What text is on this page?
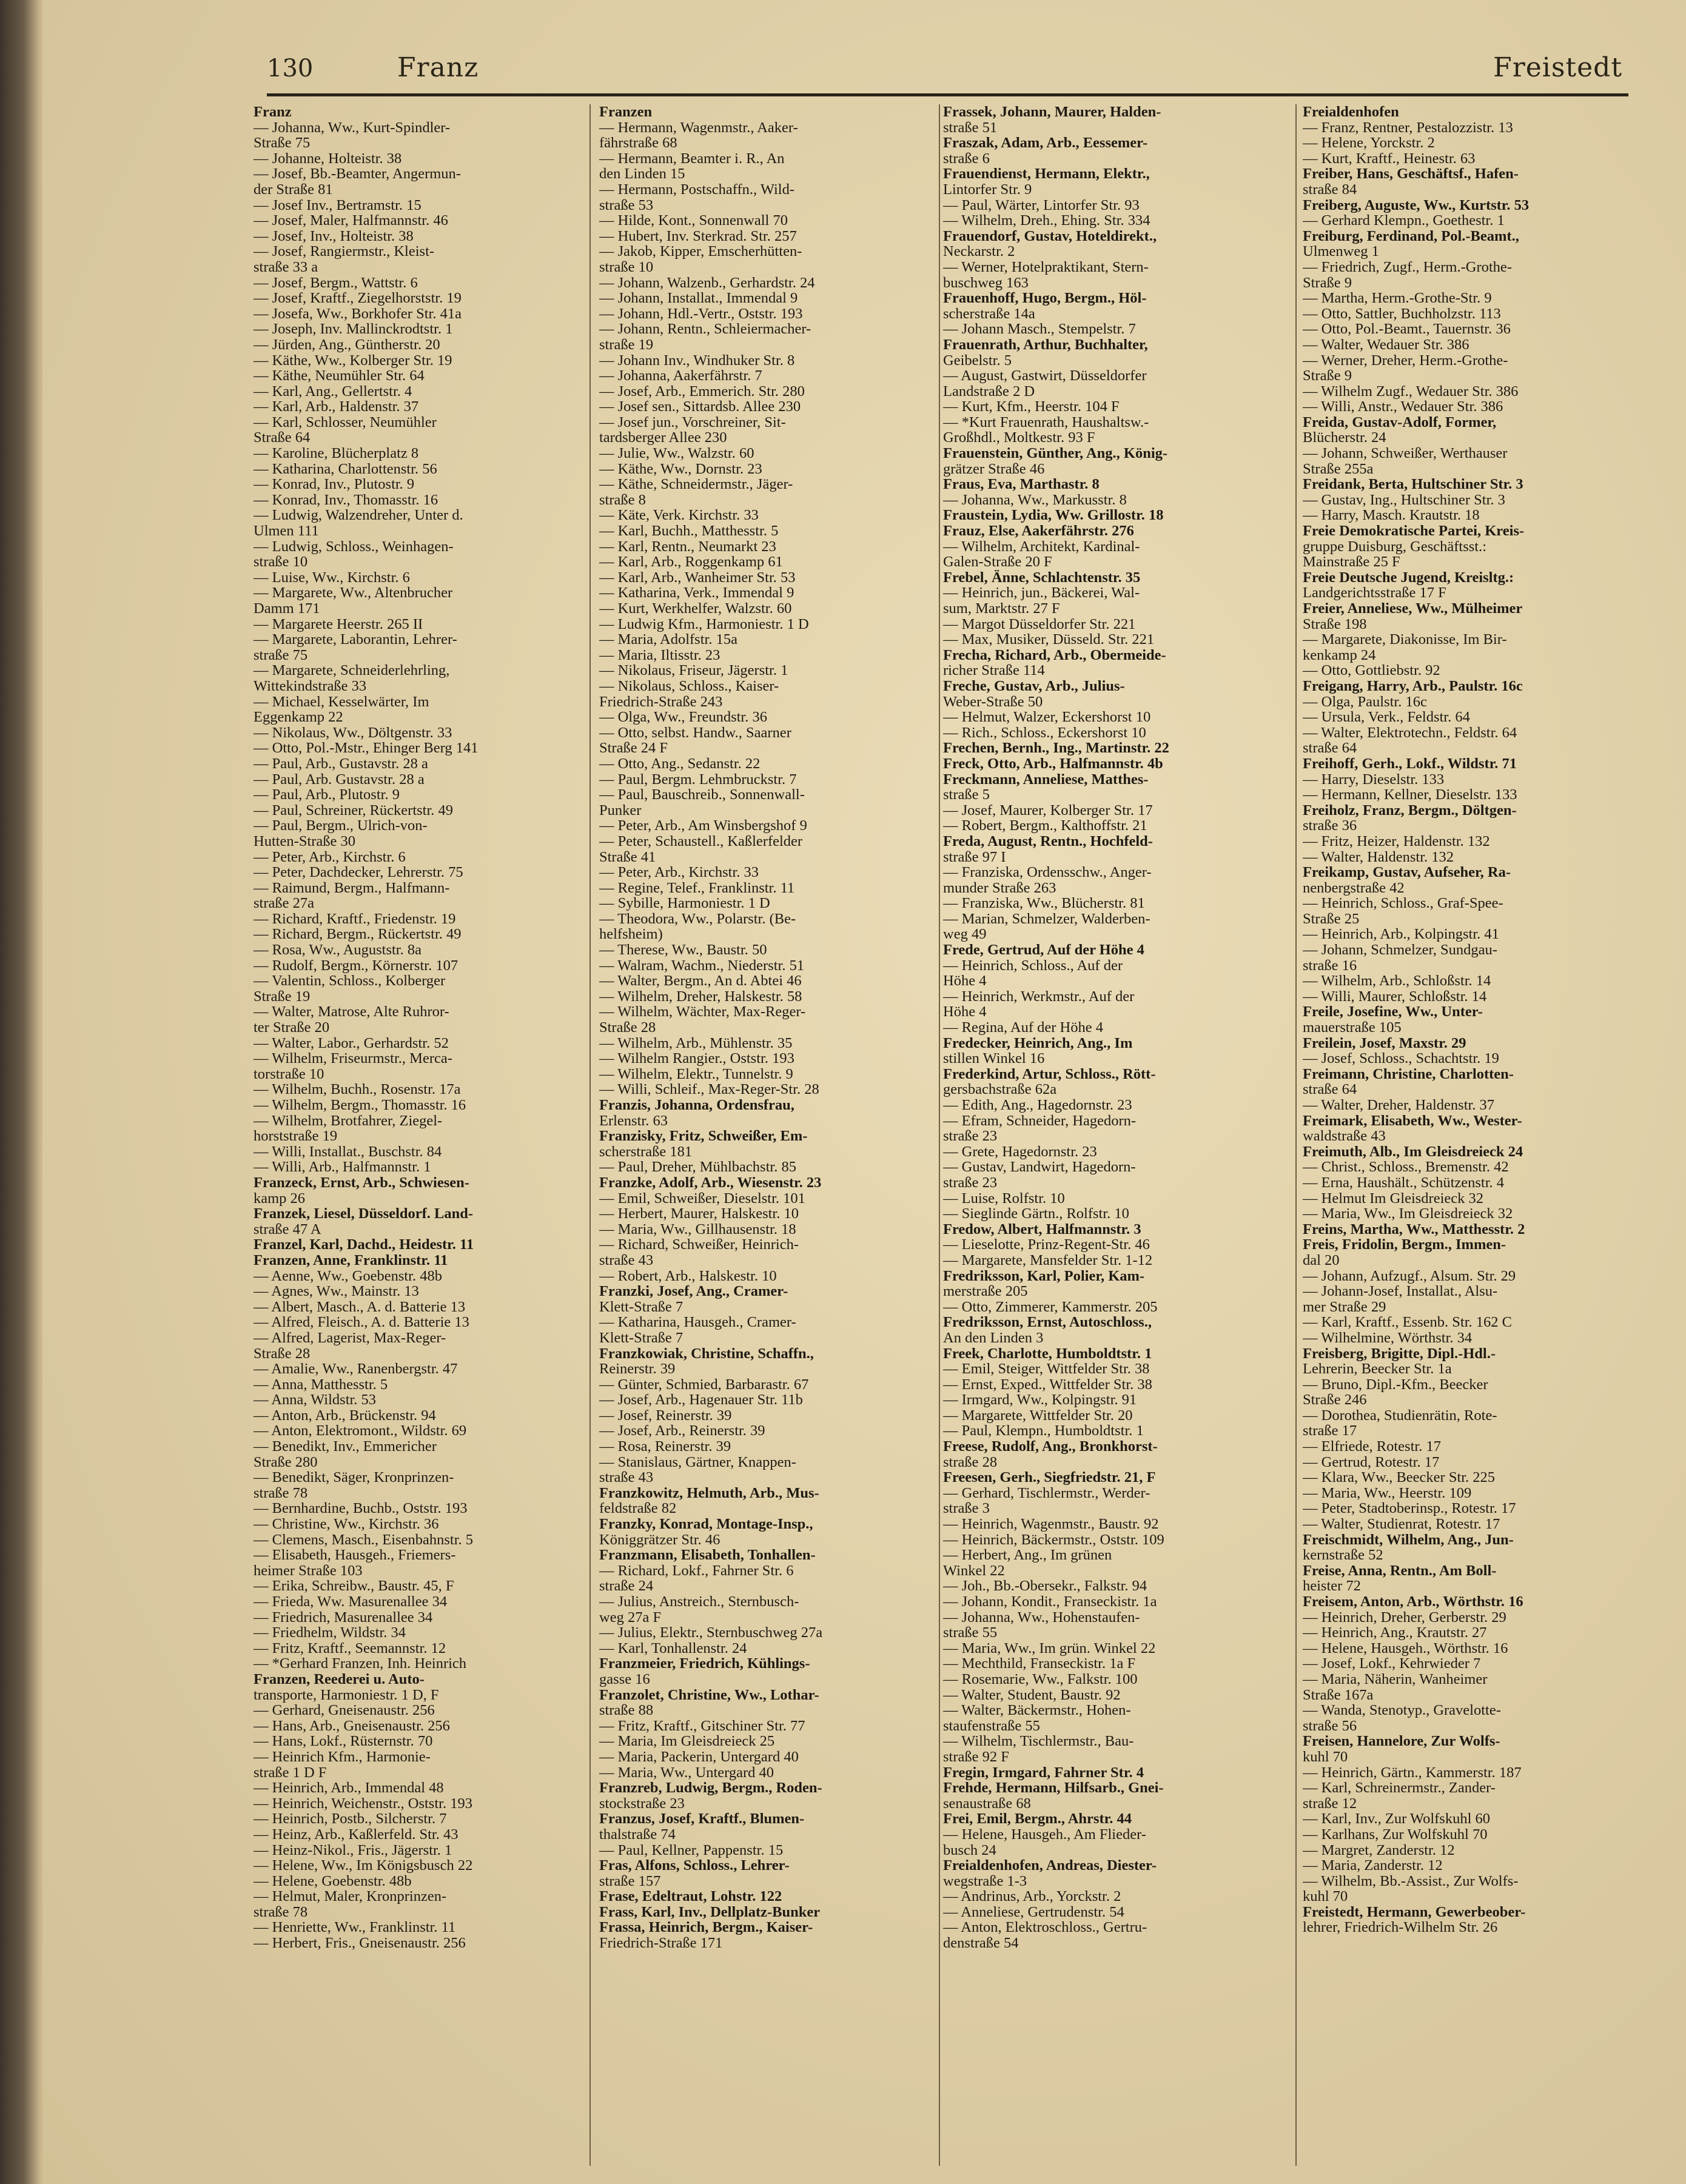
130	Franz	Freistedt
Franz
— Johanna, Ww., Kurt-Spindler-
Straße 75
— Johanne, Holteistr. 38
— Josef, Bb.-Beamter, Angermun-
der Straße 81
— Josef Inv., Bertramstr. 15
— Josef, Maler, Halfmannstr. 46
— Josef, Inv., Holteistr. 38
— Josef, Rangiermstr., Kleist-
straße 33 a
— Josef, Bergm., Wattstr. 6
— Josef, Kraftf., Ziegelhorststr. 19
— Josefa, Ww., Borkhofer Str. 41a
— Joseph, Inv. Mallinckrodtstr. 1
— Jürden, Ang., Güntherstr. 20
— Käthe, Ww., Kolberger Str. 19
— Käthe, Neumühler Str. 64
— Karl, Ang., Gellertstr. 4
— Karl, Arb., Haldenstr. 37
— Karl, Schlosser, Neumühler
Straße 64
— Karoline, Blücherplatz 8
— Katharina, Charlottenstr. 56
— Konrad, Inv., Plutostr. 9
— Konrad, Inv., Thomasstr. 16
— Ludwig, Walzendreher, Unter d.
Ulmen 111
— Ludwig, Schloss., Weinhagen-
straße 10
— Luise, Ww., Kirchstr. 6
— Margarete, Ww., Altenbrucher
Damm 171
— Margarete Heerstr. 265 II
— Margarete, Laborantin, Lehrer-
straße 75
— Margarete, Schneiderlehrling,
Wittekindstraße 33
— Michael, Kesselwärter, Im
Eggenkamp 22
— Nikolaus, Ww., Döltgenstr. 33
— Otto, Pol.-Mstr., Ehinger Berg 141
— Paul, Arb., Gustavstr. 28 a
— Paul, Arb. Gustavstr. 28 a
— Paul, Arb., Plutostr. 9
— Paul, Schreiner, Rückertstr. 49
— Paul, Bergm., Ulrich-von-
Hutten-Straße 30
— Peter, Arb., Kirchstr. 6
— Peter, Dachdecker, Lehrerstr. 75
— Raimund, Bergm., Halfmann-
straße 27a
— Richard, Kraftf., Friedenstr. 19
— Richard, Bergm., Rückertstr. 49
— Rosa, Ww., Auguststr. 8a
— Rudolf, Bergm., Körnerstr. 107
— Valentin, Schloss., Kolberger
Straße 19
— Walter, Matrose, Alte Ruhror-
ter Straße 20
— Walter, Labor., Gerhardstr. 52
— Wilhelm, Friseurmstr., Merca-
torstraße 10
— Wilhelm, Buchh., Rosenstr. 17a
— Wilhelm, Bergm., Thomasstr. 16
— Wilhelm, Brotfahrer, Ziegel-
horststraße 19
— Willi, Installat., Buschstr. 84
— Willi, Arb., Halfmannstr. 1
Franzeck, Ernst, Arb., Schwiesen-
kamp 26
Franzek, Liesel, Düsseldorf. Land-
straße 47 A
Franzel, Karl, Dachd., Heidestr. 11
Franzen, Anne, Franklinstr. 11
— Aenne, Ww., Goebenstr. 48b
— Agnes, Ww., Mainstr. 13
— Albert, Masch., A. d. Batterie 13
— Alfred, Fleisch., A. d. Batterie 13
— Alfred, Lagerist, Max-Reger-
Straße 28
— Amalie, Ww., Ranenbergstr. 47
— Anna, Matthesstr. 5
— Anna, Wildstr. 53
— Anton, Arb., Brückenstr. 94
— Anton, Elektromont., Wildstr. 69
— Benedikt, Inv., Emmericher
Straße 280
— Benedikt, Säger, Kronprinzen-
straße 78
— Bernhardine, Buchb., Oststr. 193
— Christine, Ww., Kirchstr. 36
— Clemens, Masch., Eisenbahnstr. 5
— Elisabeth, Hausgeh., Friemers-
heimer Straße 103
— Erika, Schreibw., Baustr. 45, F
— Frieda, Ww. Masurenallee 34
— Friedrich, Masurenallee 34
— Friedhelm, Wildstr. 34
— Fritz, Kraftf., Seemannstr. 12
— *Gerhard Franzen, Inh. Heinrich
Franzen, Reederei u. Auto-
transporte, Harmoniestr. 1 D, F
— Gerhard, Gneisenaustr. 256
— Hans, Arb., Gneisenaustr. 256
— Hans, Lokf., Rüsternstr. 70
— Heinrich Kfm., Harmonie-
straße 1 D F
— Heinrich, Arb., Immendal 48
— Heinrich, Weichenstr., Oststr. 193
— Heinrich, Postb., Silcherstr. 7
— Heinz, Arb., Kaßlerfeld. Str. 43
— Heinz-Nikol., Fris., Jägerstr. 1
— Helene, Ww., Im Königsbusch 22
— Helene, Goebenstr. 48b
— Helmut, Maler, Kronprinzen-
straße 78
— Henriette, Ww., Franklinstr. 11
— Herbert, Fris., Gneisenaustr. 256
Franzen
— Hermann, Wagenmstr., Aaker-
fährstraße 68
— Hermann, Beamter i. R., An
den Linden 15
— Hermann, Postschaffn., Wild-
straße 53
— Hilde, Kont., Sonnenwall 70
— Hubert, Inv. Sterkrad. Str. 257
— Jakob, Kipper, Emscherhütten-
straße 10
— Johann, Walzenb., Gerhardstr. 24
— Johann, Installat., Immendal 9
— Johann, Hdl.-Vertr., Oststr. 193
— Johann, Rentn., Schleiermacher-
straße 19
— Johann Inv., Windhuker Str. 8
— Johanna, Aakerfährstr. 7
— Josef, Arb., Emmerich. Str. 280
— Josef sen., Sittardsb. Allee 230
— Josef jun., Vorschreiner, Sit-
tardsberger Allee 230
— Julie, Ww., Walzstr. 60
— Käthe, Ww., Dornstr. 23
— Käthe, Schneidermstr., Jäger-
straße 8
— Käte, Verk. Kirchstr. 33
— Karl, Buchh., Matthesstr. 5
— Karl, Rentn., Neumarkt 23
— Karl, Arb., Roggenkamp 61
— Karl, Arb., Wanheimer Str. 53
— Katharina, Verk., Immendal 9
— Kurt, Werkhelfer, Walzstr. 60
— Ludwig Kfm., Harmoniestr. 1 D
— Maria, Adolfstr. 15a
— Maria, Iltisstr. 23
— Nikolaus, Friseur, Jägerstr. 1
— Nikolaus, Schloss., Kaiser-
Friedrich-Straße 243
— Olga, Ww., Freundstr. 36
— Otto, selbst. Handw., Saarner
Straße 24 F
— Otto, Ang., Sedanstr. 22
— Paul, Bergm. Lehmbruckstr. 7
— Paul, Bauschreib., Sonnenwall-
Punker
— Peter, Arb., Am Winsbergshof 9
— Peter, Schaustell., Kaßlerfelder
Straße 41
— Peter, Arb., Kirchstr. 33
— Regine, Telef., Franklinstr. 11
— Sybille, Harmoniestr. 1 D
— Theodora, Ww., Polarstr. (Be-
helfsheim)
— Therese, Ww., Baustr. 50
— Walram, Wachm., Niederstr. 51
— Walter, Bergm., An d. Abtei 46
— Wilhelm, Dreher, Halskestr. 58
— Wilhelm, Wächter, Max-Reger-
Straße 28
— Wilhelm, Arb., Mühlenstr. 35
— Wilhelm Rangier., Oststr. 193
— Wilhelm, Elektr., Tunnelstr. 9
— Willi, Schleif., Max-Reger-Str. 28
Franzis, Johanna, Ordensfrau,
Erlenstr. 63
Franzisky, Fritz, Schweißer, Em-
scherstraße 181
— Paul, Dreher, Mühlbachstr. 85
Franzke, Adolf, Arb., Wiesenstr. 23
— Emil, Schweißer, Dieselstr. 101
— Herbert, Maurer, Halskestr. 10
— Maria, Ww., Gillhausenstr. 18
— Richard, Schweißer, Heinrich-
straße 43
— Robert, Arb., Halskestr. 10
Franzki, Josef, Ang., Cramer-
Klett-Straße 7
— Katharina, Hausgeh., Cramer-
Klett-Straße 7
Franzkowiak, Christine, Schaffn.,
Reinerstr. 39
— Günter, Schmied, Barbarastr. 67
— Josef, Arb., Hagenauer Str. 11b
— Josef, Reinerstr. 39
— Josef, Arb., Reinerstr. 39
— Rosa, Reinerstr. 39
— Stanislaus, Gärtner, Knappen-
straße 43
Franzkowitz, Helmuth, Arb., Mus-
feldstraße 82
Franzky, Konrad, Montage-Insp.,
Königgrätzer Str. 46
Franzmann, Elisabeth, Tonhallen-
— Richard, Lokf., Fahrner Str. 6
straße 24
— Julius, Anstreich., Sternbusch-
weg 27a F
— Julius, Elektr., Sternbuschweg 27a
— Karl, Tonhallenstr. 24
Franzmeier, Friedrich, Kühlings-
gasse 16
Franzolet, Christine, Ww., Lothar-
straße 88
— Fritz, Kraftf., Gitschiner Str. 77
— Maria, Im Gleisdreieck 25
— Maria, Packerin, Untergard 40
— Maria, Ww., Untergard 40
Franzreb, Ludwig, Bergm., Roden-
stockstraße 23
Franzus, Josef, Kraftf., Blumen-
thalstraße 74
— Paul, Kellner, Pappenstr. 15
Fras, Alfons, Schloss., Lehrer-
straße 157
Frase, Edeltraut, Lohstr. 122
Frass, Karl, Inv., Dellplatz-Bunker
Frassa, Heinrich, Bergm., Kaiser-
Friedrich-Straße 171
Frassek, Johann, Maurer, Halden-
straße 51
Fraszak, Adam, Arb., Eessemer-
straße 6
Frauendienst, Hermann, Elektr.,
Lintorfer Str. 9
— Paul, Wärter, Lintorfer Str. 93
— Wilhelm, Dreh., Ehing. Str. 334
Frauendorf, Gustav, Hoteldirekt.,
Neckarstr. 2
— Werner, Hotelpraktikant, Stern-
buschweg 163
Frauenhoff, Hugo, Bergm., Höl-
scherstraße 14a
— Johann Masch., Stempelstr. 7
Frauenrath, Arthur, Buchhalter,
Geibelstr. 5
— August, Gastwirt, Düsseldorfer
Landstraße 2 D
— Kurt, Kfm., Heerstr. 104 F
— *Kurt Frauenrath, Haushaltsw.-
Großhdl., Moltkestr. 93 F
Frauenstein, Günther, Ang., König-
grätzer Straße 46
Fraus, Eva, Marthastr. 8
— Johanna, Ww., Markusstr. 8
Fraustein, Lydia, Ww. Grillostr. 18
Frauz, Else, Aakerfährstr. 276
— Wilhelm, Architekt, Kardinal-
Galen-Straße 20 F
Frebel, Änne, Schlachtenstr. 35
— Heinrich, jun., Bäckerei, Wal-
sum, Marktstr. 27 F
— Margot Düsseldorfer Str. 221
— Max, Musiker, Düsseld. Str. 221
Frecha, Richard, Arb., Obermeide-
richer Straße 114
Freche, Gustav, Arb., Julius-
Weber-Straße 50
— Helmut, Walzer, Eckershorst 10
— Rich., Schloss., Eckershorst 10
Frechen, Bernh., Ing., Martinstr. 22
Freck, Otto, Arb., Halfmannstr. 4b
Freckmann, Anneliese, Matthes-
straße 5
— Josef, Maurer, Kolberger Str. 17
— Robert, Bergm., Kalthoffstr. 21
Freda, August, Rentn., Hochfeld-
straße 97 I
— Franziska, Ordensschw., Anger-
munder Straße 263
— Franziska, Ww., Blücherstr. 81
— Marian, Schmelzer, Walderben-
weg 49
Frede, Gertrud, Auf der Höhe 4
— Heinrich, Schloss., Auf der
Höhe 4
— Heinrich, Werkmstr., Auf der
Höhe 4
— Regina, Auf der Höhe 4
Fredecker, Heinrich, Ang., Im
stillen Winkel 16
Frederkind, Artur, Schloss., Rött-
gersbachstraße 62a
— Edith, Ang., Hagedornstr. 23
— Efram, Schneider, Hagedorn-
straße 23
— Grete, Hagedornstr. 23
— Gustav, Landwirt, Hagedorn-
straße 23
— Luise, Rolfstr. 10
— Sieglinde Gärtn., Rolfstr. 10
Fredow, Albert, Halfmannstr. 3
— Lieselotte, Prinz-Regent-Str. 46
— Margarete, Mansfelder Str. 1-12
Fredriksson, Karl, Polier, Kam-
merstraße 205
— Otto, Zimmerer, Kammerstr. 205
Fredriksson, Ernst, Autoschloss.,
An den Linden 3
Freek, Charlotte, Humboldtstr. 1
— Emil, Steiger, Wittfelder Str. 38
— Ernst, Exped., Wittfelder Str. 38
— Irmgard, Ww., Kolpingstr. 91
— Margarete, Wittfelder Str. 20
— Paul, Klempn., Humboldtstr. 1
Freese, Rudolf, Ang., Bronkhorst-
straße 28
Freesen, Gerh., Siegfriedstr. 21, F
— Gerhard, Tischlermstr., Werder-
straße 3
— Heinrich, Wagenmstr., Baustr. 92
— Heinrich, Bäckermstr., Oststr. 109
— Herbert, Ang., Im grünen
Winkel 22
— Joh., Bb.-Obersekr., Falkstr. 94
— Johann, Kondit., Franseckistr. 1a
— Johanna, Ww., Hohenstaufen-
straße 55
— Maria, Ww., Im grün. Winkel 22
— Mechthild, Franseckistr. 1a F
— Rosemarie, Ww., Falkstr. 100
— Walter, Student, Baustr. 92
— Walter, Bäckermstr., Hohen-
staufenstraße 55
— Wilhelm, Tischlermstr., Bau-
straße 92 F
Fregin, Irmgard, Fahrner Str. 4
Frehde, Hermann, Hilfsarb., Gnei-
senaustraße 68
Frei, Emil, Bergm., Ahrstr. 44
— Helene, Hausgeh., Am Flieder-
busch 24
Freialdenhofen, Andreas, Diester-
wegstraße 1-3
— Andrinus, Arb., Yorckstr. 2
— Anneliese, Gertrudenstr. 54
— Anton, Elektroschloss., Gertru-
denstraße 54
Freialdenhofen
— Franz, Rentner, Pestalozzistr. 13
— Helene, Yorckstr. 2
— Kurt, Kraftf., Heinestr. 63
Freiber, Hans, Geschäftsf., Hafen-
straße 84
Freiberg, Auguste, Ww., Kurtstr. 53
— Gerhard Klempn., Goethestr. 1
Freiburg, Ferdinand, Pol.-Beamt.,
Ulmenweg 1
— Friedrich, Zugf., Herm.-Grothe-
Straße 9
— Martha, Herm.-Grothe-Str. 9
— Otto, Sattler, Buchholzstr. 113
— Otto, Pol.-Beamt., Tauernstr. 36
— Walter, Wedauer Str. 386
— Werner, Dreher, Herm.-Grothe-
Straße 9
— Wilhelm Zugf., Wedauer Str. 386
— Willi, Anstr., Wedauer Str. 386
Freida, Gustav-Adolf, Former,
Blücherstr. 24
— Johann, Schweißer, Werthauser
Straße 255a
Freidank, Berta, Hultschiner Str. 3
— Gustav, Ing., Hultschiner Str. 3
— Harry, Masch. Krautstr. 18
Freie Demokratische Partei, Kreis-
gruppe Duisburg, Geschäftsst.:
Mainstraße 25 F
Freie Deutsche Jugend, Kreisltg.:
Landgerichtsstraße 17 F
Freier, Anneliese, Ww., Mülheimer
Straße 198
— Margarete, Diakonisse, Im Bir-
kenkamp 24
— Otto, Gottliebstr. 92
Freigang, Harry, Arb., Paulstr. 16c
— Olga, Paulstr. 16c
— Ursula, Verk., Feldstr. 64
— Walter, Elektrotechn., Feldstr. 64
straße 64
Freihoff, Gerh., Lokf., Wildstr. 71
— Harry, Dieselstr. 133
— Hermann, Kellner, Dieselstr. 133
Freiholz, Franz, Bergm., Döltgen-
straße 36
— Fritz, Heizer, Haldenstr. 132
— Walter, Haldenstr. 132
Freikamp, Gustav, Aufseher, Ra-
nenbergstraße 42
— Heinrich, Schloss., Graf-Spee-
Straße 25
— Heinrich, Arb., Kolpingstr. 41
— Johann, Schmelzer, Sundgau-
straße 16
— Wilhelm, Arb., Schloßstr. 14
— Willi, Maurer, Schloßstr. 14
Freile, Josefine, Ww., Unter-
mauerstraße 105
Freilein, Josef, Maxstr. 29
— Josef, Schloss., Schachtstr. 19
Freimann, Christine, Charlotten-
straße 64
— Walter, Dreher, Haldenstr. 37
Freimark, Elisabeth, Ww., Wester-
waldstraße 43
Freimuth, Alb., Im Gleisdreieck 24
— Christ., Schloss., Bremenstr. 42
— Erna, Haushält., Schützenstr. 4
— Helmut Im Gleisdreieck 32
— Maria, Ww., Im Gleisdreieck 32
Freins, Martha, Ww., Matthesstr. 2
Freis, Fridolin, Bergm., Immen-
dal 20
— Johann, Aufzugf., Alsum. Str. 29
— Johann-Josef, Installat., Alsu-
mer Straße 29
— Karl, Kraftf., Essenb. Str. 162 C
— Wilhelmine, Wörthstr. 34
Freisberg, Brigitte, Dipl.-Hdl.-
Lehrerin, Beecker Str. 1a
— Bruno, Dipl.-Kfm., Beecker
Straße 246
— Dorothea, Studienrätin, Rote-
straße 17
— Elfriede, Rotestr. 17
— Gertrud, Rotestr. 17
— Klara, Ww., Beecker Str. 225
— Maria, Ww., Heerstr. 109
— Peter, Stadtoberinsp., Rotestr. 17
— Walter, Studienrat, Rotestr. 17
Freischmidt, Wilhelm, Ang., Jun-
kernstraße 52
Freise, Anna, Rentn., Am Boll-
heister 72
Freisem, Anton, Arb., Wörthstr. 16
— Heinrich, Dreher, Gerberstr. 29
— Heinrich, Ang., Krautstr. 27
— Helene, Hausgeh., Wörthstr. 16
— Josef, Lokf., Kehrwieder 7
— Maria, Näherin, Wanheimer
Straße 167a
— Wanda, Stenotyp., Gravelotte-
straße 56
Freisen, Hannelore, Zur Wolfs-
kuhl 70
— Heinrich, Gärtn., Kammerstr. 187
— Karl, Schreinermstr., Zander-
straße 12
— Karl, Inv., Zur Wolfskuhl 60
— Karlhans, Zur Wolfskuhl 70
— Margret, Zanderstr. 12
— Maria, Zanderstr. 12
— Wilhelm, Bb.-Assist., Zur Wolfs-
kuhl 70
Freistedt, Hermann, Gewerbeober-
lehrer, Friedrich-Wilhelm Str. 26
